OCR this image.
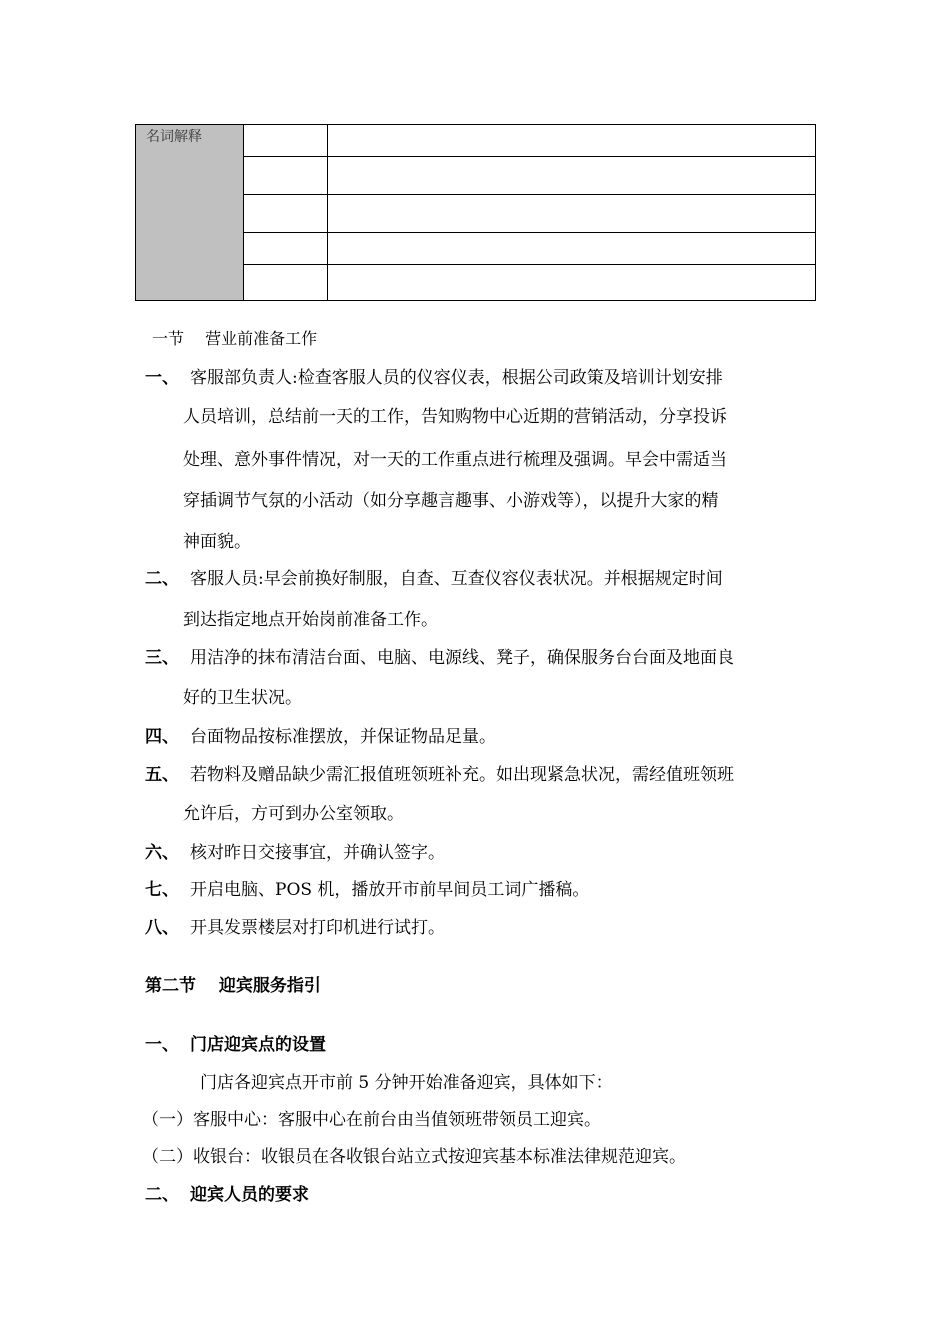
名词解释
一节　 营业前准备工作
一、 客服部负责人:检查客服人员的仪容仪表，根据公司政策及培训计划安排
人员培训，总结前一天的工作，告知购物中心近期的营销活动，分享投诉
处理、意外事件情况，对一天的工作重点进行梳理及强调。早会中需适当
穿插调节气氛的小活动（如分享趣言趣事、小游戏等），以提升大家的精
神面貌。
二、 客服人员:早会前换好制服，自查、互查仪容仪表状况。并根据规定时间
到达指定地点开始岗前准备工作。
三、 用洁净的抹布清洁台面、电脑、电源线、凳子，确保服务台台面及地面良
好的卫生状况。
四、 台面物品按标准摆放，并保证物品足量。
五、 若物料及赠品缺少需汇报值班领班补充。如出现紧急状况，需经值班领班
允许后，方可到办公室领取。
六、 核对昨日交接事宜，并确认签字。
七、 开启电脑、POS 机，播放开市前早间员工词广播稿。
八、 开具发票楼层对打印机进行试打。
第二节　 迎宾服务指引
一、 门店迎宾点的设置
门店各迎宾点开市前 5 分钟开始准备迎宾，具体如下：
（一）客服中心：客服中心在前台由当值领班带领员工迎宾。
（二）收银台：收银员在各收银台站立式按迎宾基本标准法律规范迎宾。
二、 迎宾人员的要求
